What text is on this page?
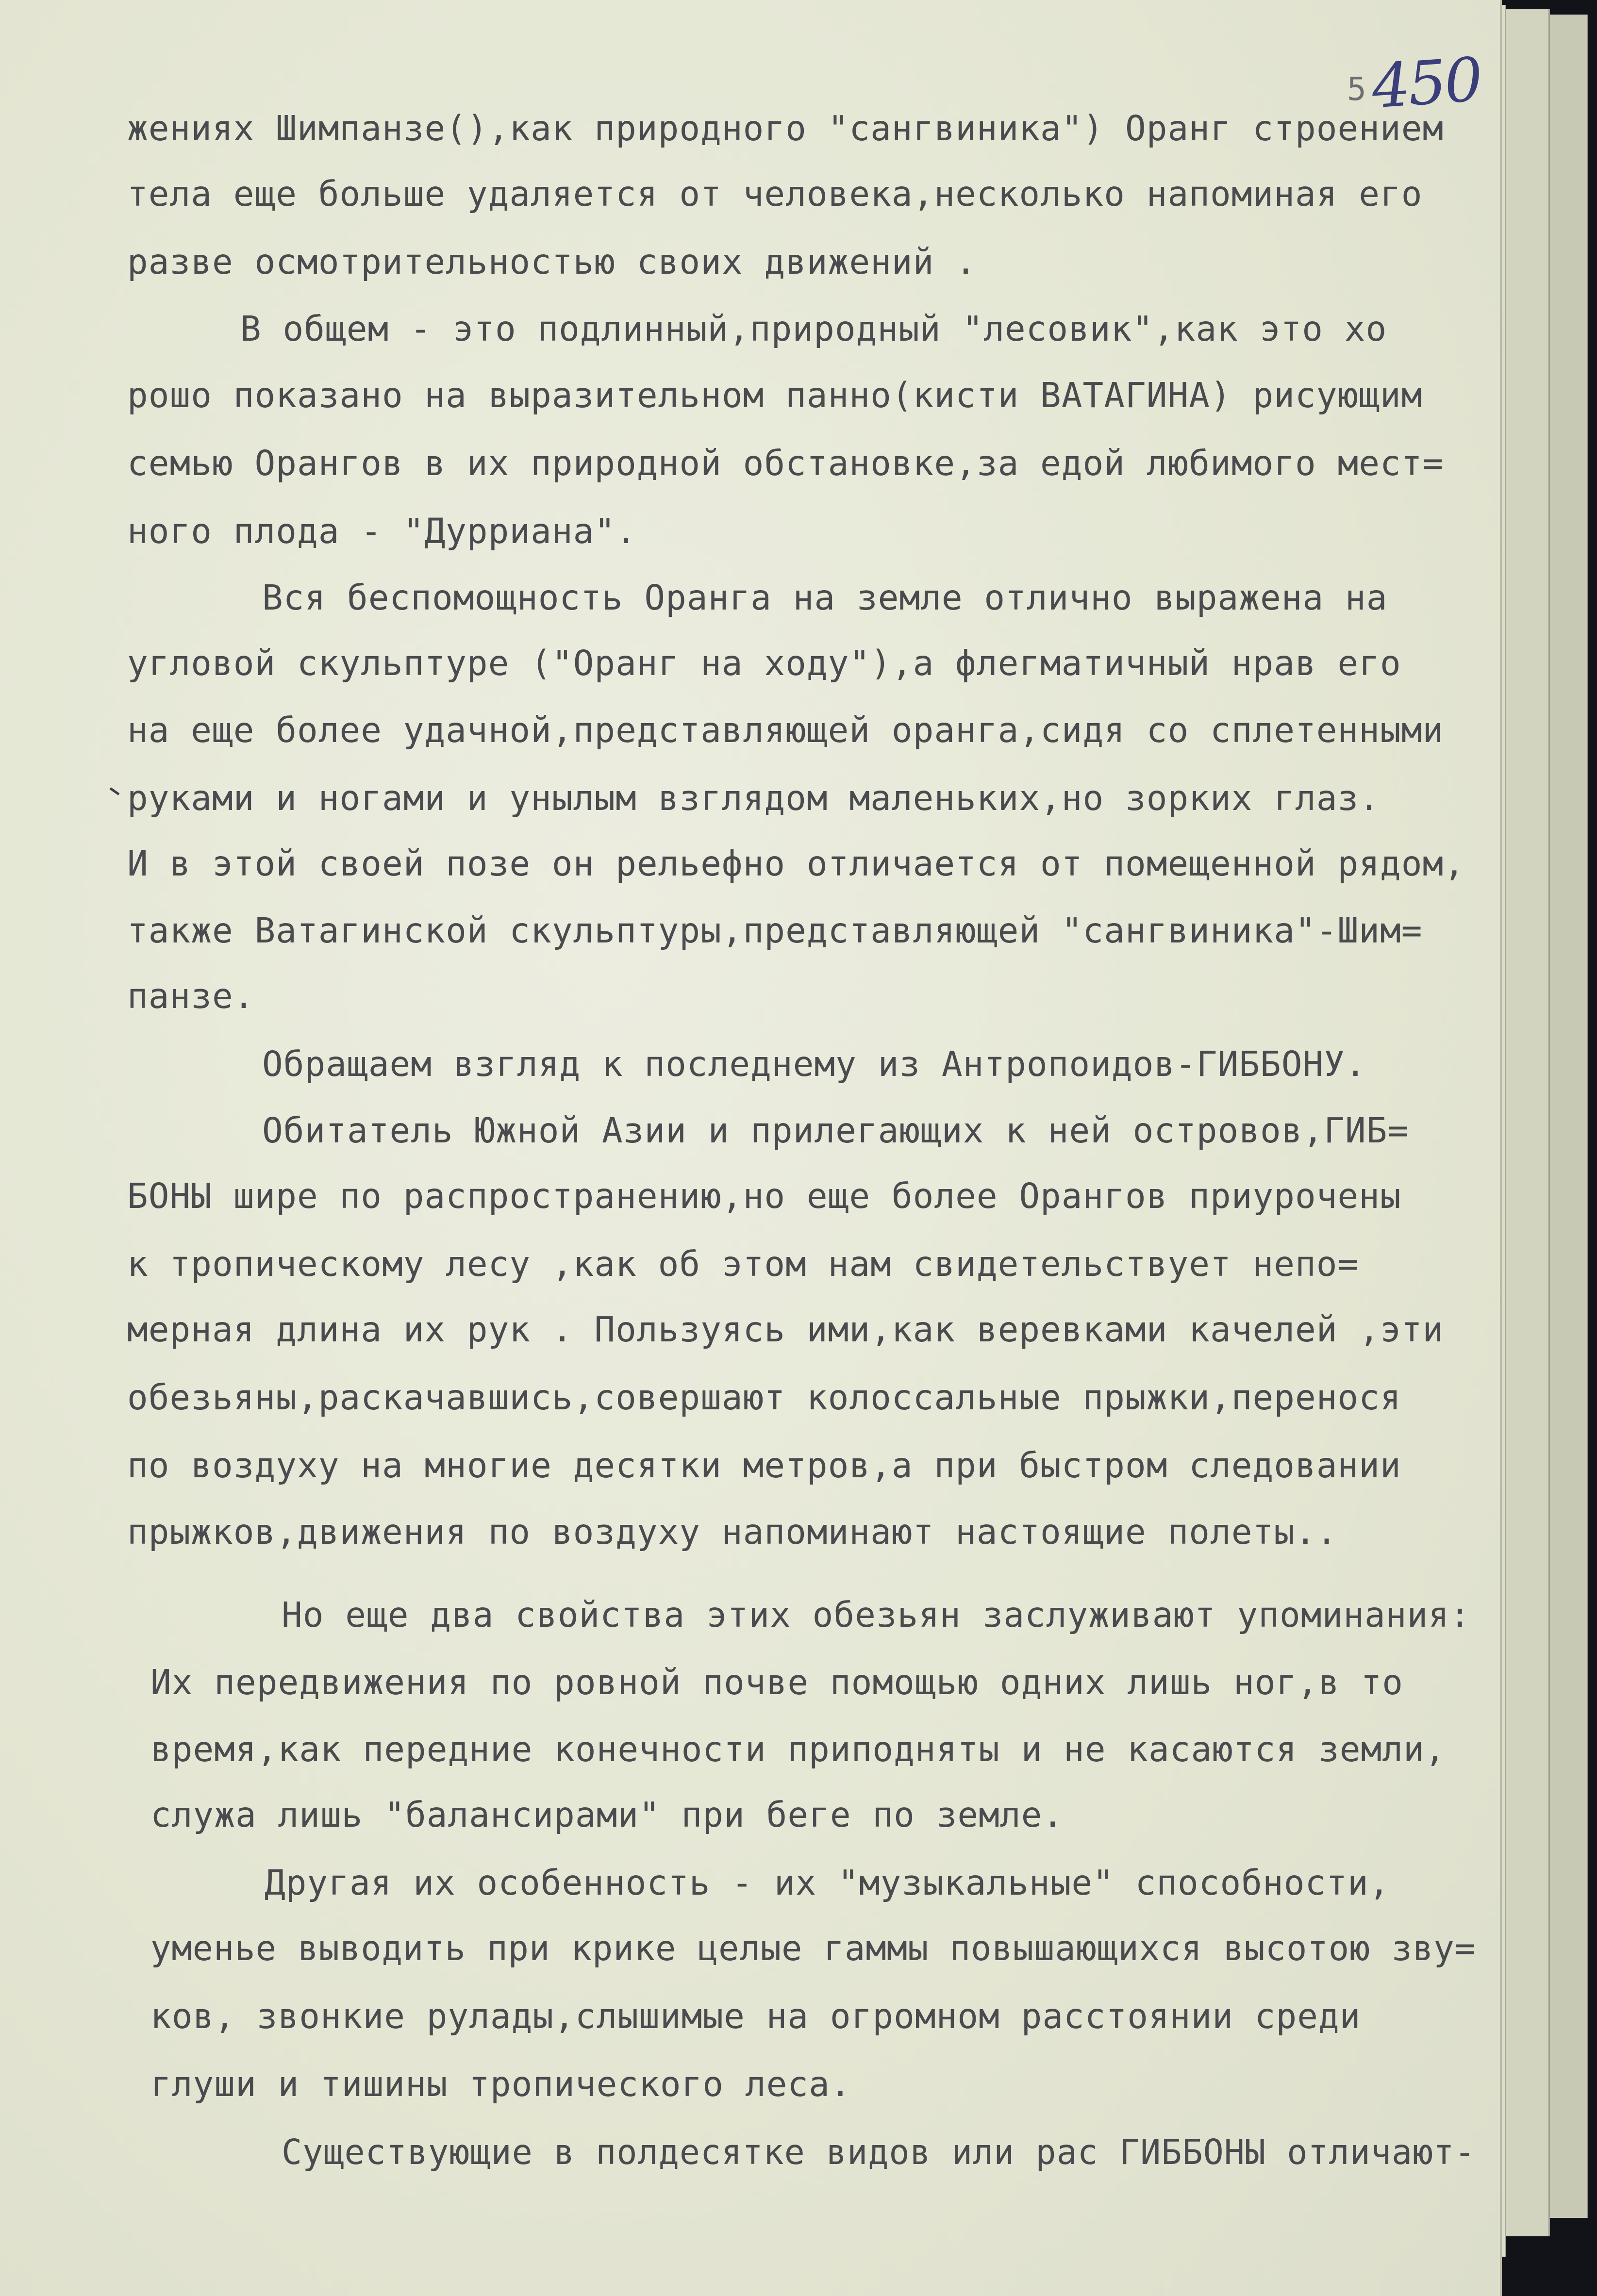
5 450
жениях Шимпанзе(),как природного "сангвиника") Оранг строением
тела еще больше удаляется от человека,несколько напоминая его
разве осмотрительностью своих движений .
В общем - это подлинный,природный "лесовик",как это хо
рошо показано на выразительном панно(кисти ВАТАГИНА) рисующим
семью Орангов в их природной обстановке,за едой любимого мест=
ного плода - "Дурриана".
Вся беспомощность Оранга на земле отлично выражена на
угловой скульптуре ("Оранг на ходу"),а флегматичный нрав его
на еще более удачной,представляющей оранга,сидя со сплетенными
руками и ногами и унылым взглядом маленьких,но зорких глаз.
И в этой своей позе он рельефно отличается от помещенной рядом,
также Ватагинской скульптуры,представляющей "сангвиника"-Шим=
панзе.
Обращаем взгляд к последнему из Антропоидов-ГИББОНУ.
Обитатель Южной Азии и прилегающих к ней островов,ГИБ=
БОНЫ шире по распространению,но еще более Орангов приурочены
к тропическому лесу ,как об этом нам свидетельствует непо=
мерная длина их рук . Пользуясь ими,как веревками качелей ,эти
обезьяны,раскачавшись,совершают колоссальные прыжки,перенося
по воздуху на многие десятки метров,а при быстром следовании
прыжков,движения по воздуху напоминают настоящие полеты..
Но еще два свойства этих обезьян заслуживают упоминания:
Их передвижения по ровной почве помощью одних лишь ног,в то
время,как передние конечности приподняты и не касаются земли,
служа лишь "балансирами" при беге по земле.
Другая их особенность - их "музыкальные" способности,
уменье выводить при крике целые гаммы повышающихся высотою зву=
ков, звонкие рулады,слышимые на огромном расстоянии среди
глуши и тишины тропического леса.
Существующие в полдесятке видов или рас ГИББОНЫ отличают-
